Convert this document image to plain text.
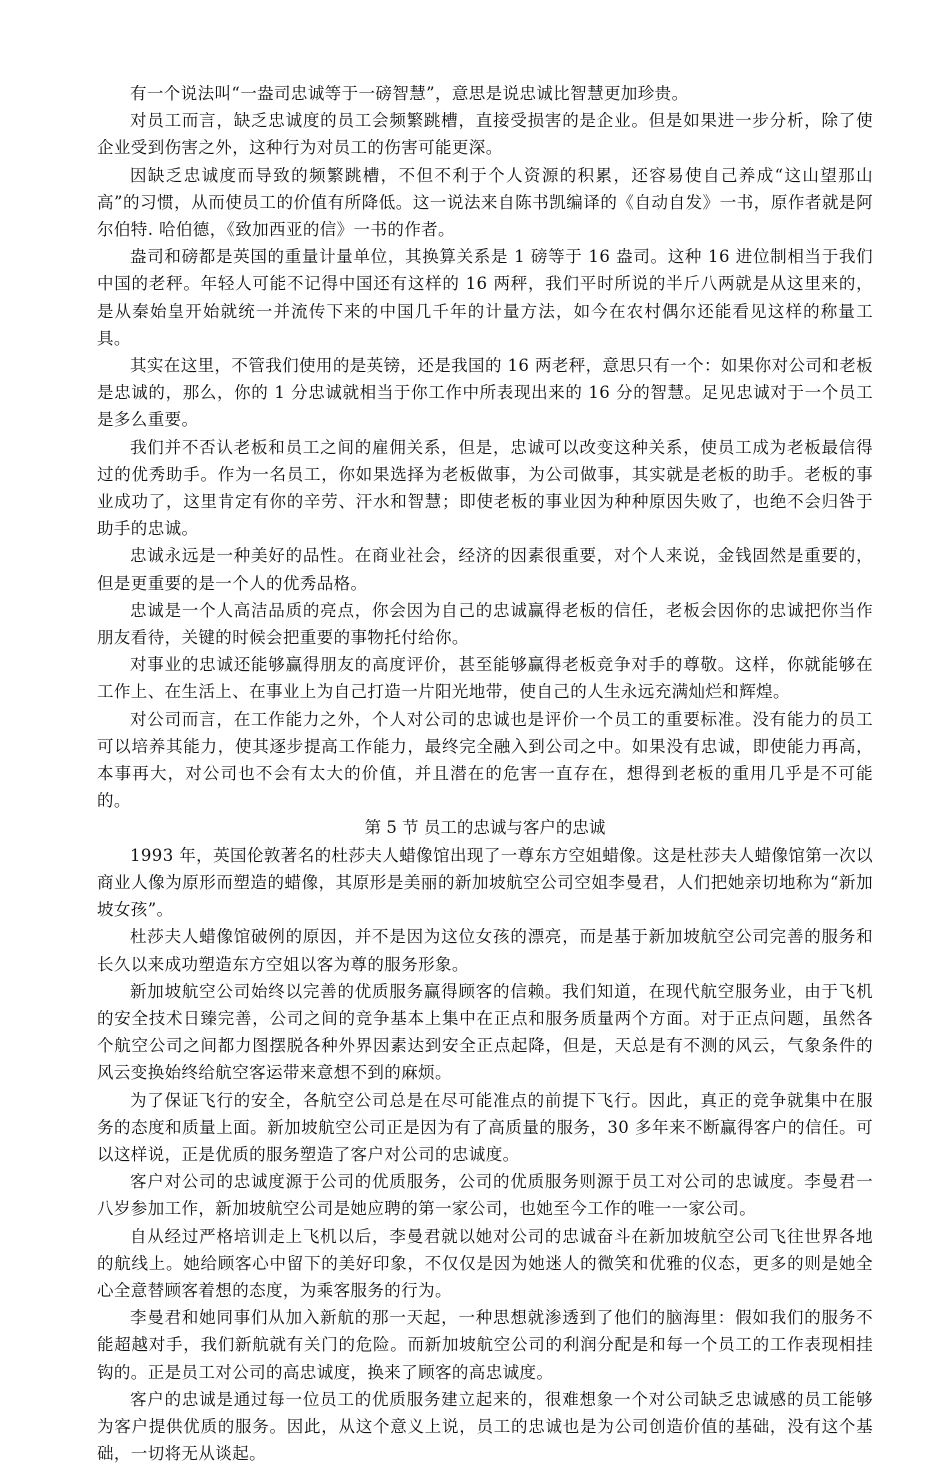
有一个说法叫“一盎司忠诚等于一磅智慧”，意思是说忠诚比智慧更加珍贵。

对员工而言，缺乏忠诚度的员工会频繁跳槽，直接受损害的是企业。但是如果进一步分析，除了使企业受到伤害之外，这种行为对员工的伤害可能更深。

因缺乏忠诚度而导致的频繁跳槽，不但不利于个人资源的积累，还容易使自己养成“这山望那山高”的习惯，从而使员工的价值有所降低。这一说法来自陈书凯编译的《自动自发》一书，原作者就是阿尔伯特. 哈伯德，《致加西亚的信》一书的作者。

盎司和磅都是英国的重量计量单位，其换算关系是 1 磅等于 16 盎司。这种 16 进位制相当于我们中国的老秤。年轻人可能不记得中国还有这样的 16 两秤，我们平时所说的半斤八两就是从这里来的，是从秦始皇开始就统一并流传下来的中国几千年的计量方法，如今在农村偶尔还能看见这样的称量工具。

其实在这里，不管我们使用的是英镑，还是我国的 16 两老秤，意思只有一个：如果你对公司和老板是忠诚的，那么，你的 1 分忠诚就相当于你工作中所表现出来的 16 分的智慧。足见忠诚对于一个员工是多么重要。

我们并不否认老板和员工之间的雇佣关系，但是，忠诚可以改变这种关系，使员工成为老板最信得过的优秀助手。作为一名员工，你如果选择为老板做事，为公司做事，其实就是老板的助手。老板的事业成功了，这里肯定有你的辛劳、汗水和智慧；即使老板的事业因为种种原因失败了，也绝不会归咎于助手的忠诚。

忠诚永远是一种美好的品性。在商业社会，经济的因素很重要，对个人来说，金钱固然是重要的，但是更重要的是一个人的优秀品格。

忠诚是一个人高洁品质的亮点，你会因为自己的忠诚赢得老板的信任，老板会因你的忠诚把你当作朋友看待，关键的时候会把重要的事物托付给你。

对事业的忠诚还能够赢得朋友的高度评价，甚至能够赢得老板竞争对手的尊敬。这样，你就能够在工作上、在生活上、在事业上为自己打造一片阳光地带，使自己的人生永远充满灿烂和辉煌。

对公司而言，在工作能力之外，个人对公司的忠诚也是评价一个员工的重要标准。没有能力的员工可以培养其能力，使其逐步提高工作能力，最终完全融入到公司之中。如果没有忠诚，即使能力再高，本事再大，对公司也不会有太大的价值，并且潜在的危害一直存在，想得到老板的重用几乎是不可能的。

第 5 节 员工的忠诚与客户的忠诚

1993 年，英国伦敦著名的杜莎夫人蜡像馆出现了一尊东方空姐蜡像。这是杜莎夫人蜡像馆第一次以商业人像为原形而塑造的蜡像，其原形是美丽的新加坡航空公司空姐李曼君，人们把她亲切地称为“新加坡女孩”。

杜莎夫人蜡像馆破例的原因，并不是因为这位女孩的漂亮，而是基于新加坡航空公司完善的服务和长久以来成功塑造东方空姐以客为尊的服务形象。

新加坡航空公司始终以完善的优质服务赢得顾客的信赖。我们知道，在现代航空服务业，由于飞机的安全技术日臻完善，公司之间的竞争基本上集中在正点和服务质量两个方面。对于正点问题，虽然各个航空公司之间都力图摆脱各种外界因素达到安全正点起降，但是，天总是有不测的风云，气象条件的风云变换始终给航空客运带来意想不到的麻烦。

为了保证飞行的安全，各航空公司总是在尽可能准点的前提下飞行。因此，真正的竞争就集中在服务的态度和质量上面。新加坡航空公司正是因为有了高质量的服务，30 多年来不断赢得客户的信任。可以这样说，正是优质的服务塑造了客户对公司的忠诚度。

客户对公司的忠诚度源于公司的优质服务，公司的优质服务则源于员工对公司的忠诚度。李曼君一八岁参加工作，新加坡航空公司是她应聘的第一家公司，也她至今工作的唯一一家公司。

自从经过严格培训走上飞机以后，李曼君就以她对公司的忠诚奋斗在新加坡航空公司飞往世界各地的航线上。她给顾客心中留下的美好印象，不仅仅是因为她迷人的微笑和优雅的仪态，更多的则是她全心全意替顾客着想的态度，为乘客服务的行为。

李曼君和她同事们从加入新航的那一天起，一种思想就渗透到了他们的脑海里：假如我们的服务不能超越对手，我们新航就有关门的危险。而新加坡航空公司的利润分配是和每一个员工的工作表现相挂钩的。正是员工对公司的高忠诚度，换来了顾客的高忠诚度。

客户的忠诚是通过每一位员工的优质服务建立起来的，很难想象一个对公司缺乏忠诚感的员工能够为客户提供优质的服务。因此，从这个意义上说，员工的忠诚也是为公司创造价值的基础，没有这个基础，一切将无从谈起。
